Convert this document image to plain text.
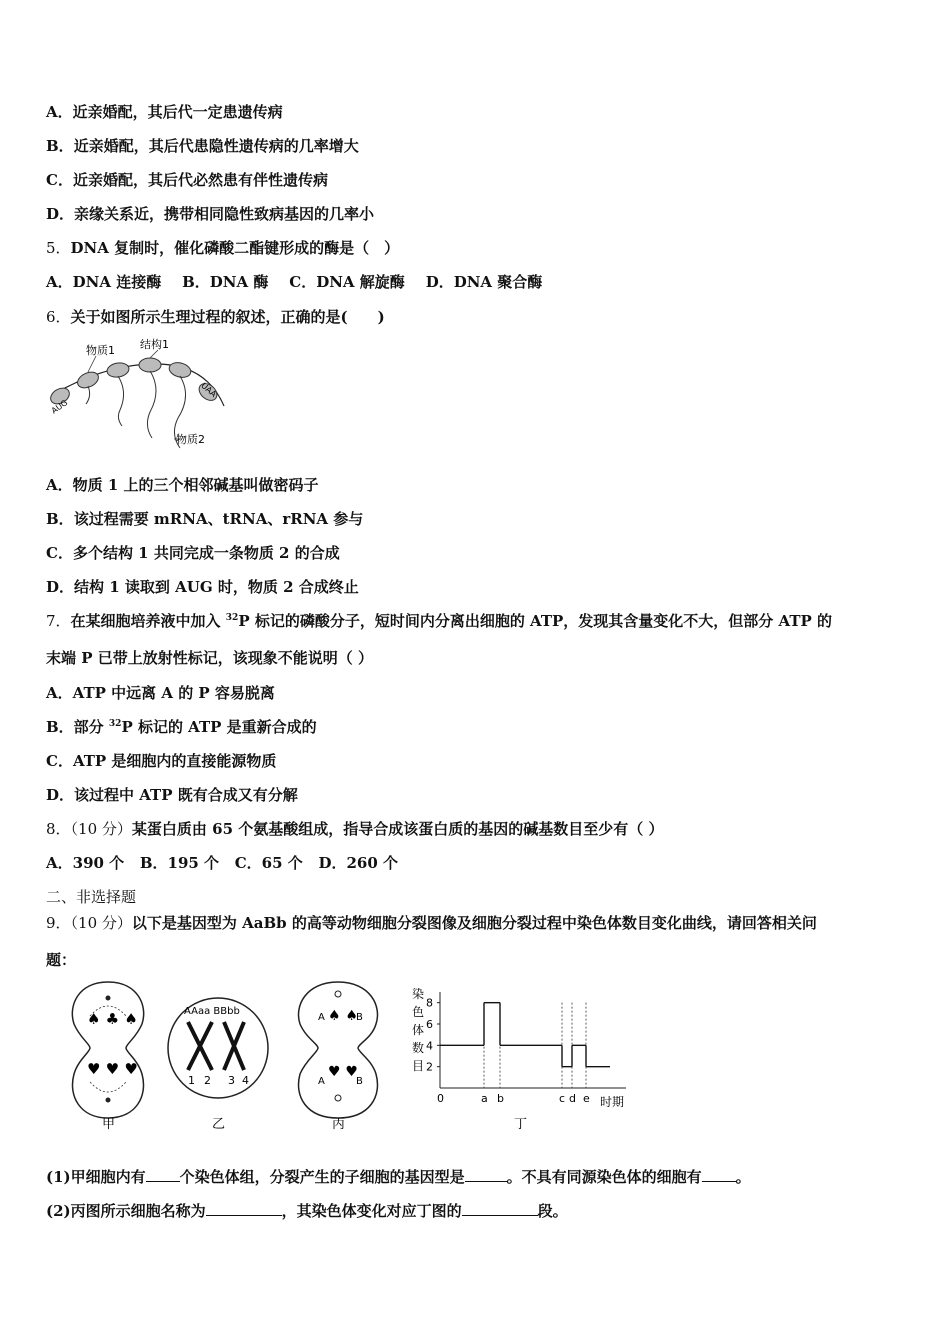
A．近亲婚配，其后代一定患遗传病
B．近亲婚配，其后代患隐性遗传病的几率增大
C．近亲婚配，其后代必然患有伴性遗传病
D．亲缘关系近，携带相同隐性致病基因的几率小
5．DNA 复制时，催化磷酸二酯键形成的酶是（　）
A．DNA 连接酶 B．DNA 酶 C．DNA 解旋酶 D．DNA 聚合酶
6．关于如图所示生理过程的叙述，正确的是(　　)
物质1 结构1
物质2
AUG
UAA
A．物质 1 上的三个相邻碱基叫做密码子
B．该过程需要 mRNA、tRNA、rRNA 参与
C．多个结构 1 共同完成一条物质 2 的合成
D．结构 1 读取到 AUG 时，物质 2 合成终止
7．在某细胞培养液中加入 $^{32}$P 标记的磷酸分子，短时间内分离出细胞的 ATP，发现其含量变化不大，但部分 ATP 的
末端 P 已带上放射性标记，该现象不能说明（ ）
A．ATP 中远离 A 的 P 容易脱离
B．部分 $^{32}$P 标记的 ATP 是重新合成的
C．ATP 是细胞内的直接能源物质
D．该过程中 ATP 既有合成又有分解
8．（10 分）某蛋白质由 65 个氨基酸组成，指导合成该蛋白质的基因的碱基数目至少有（ ）
A．390 个 B．195 个 C．65 个 D．260 个
二、非选择题
9．（10 分）以下是基因型为 AaBb 的高等动物细胞分裂图像及细胞分裂过程中染色体数目变化曲线，请回答相关问
题：
♠ ♣ ♠
♥ ♥ ♥
AAaa BBbb
1 2 3 4
A	B
♠ ♠
A	B
♥ ♥
染
色
体
数
目
时期
2
4
6
8
0	a b	c d e
甲	乙	丙	丁
(1)甲细胞内有 个染色体组，分裂产生的子细胞的基因型是	。不具有同源染色体的细胞有 。
(2)丙图所示细胞名称为	，其染色体变化对应丁图的	段。
